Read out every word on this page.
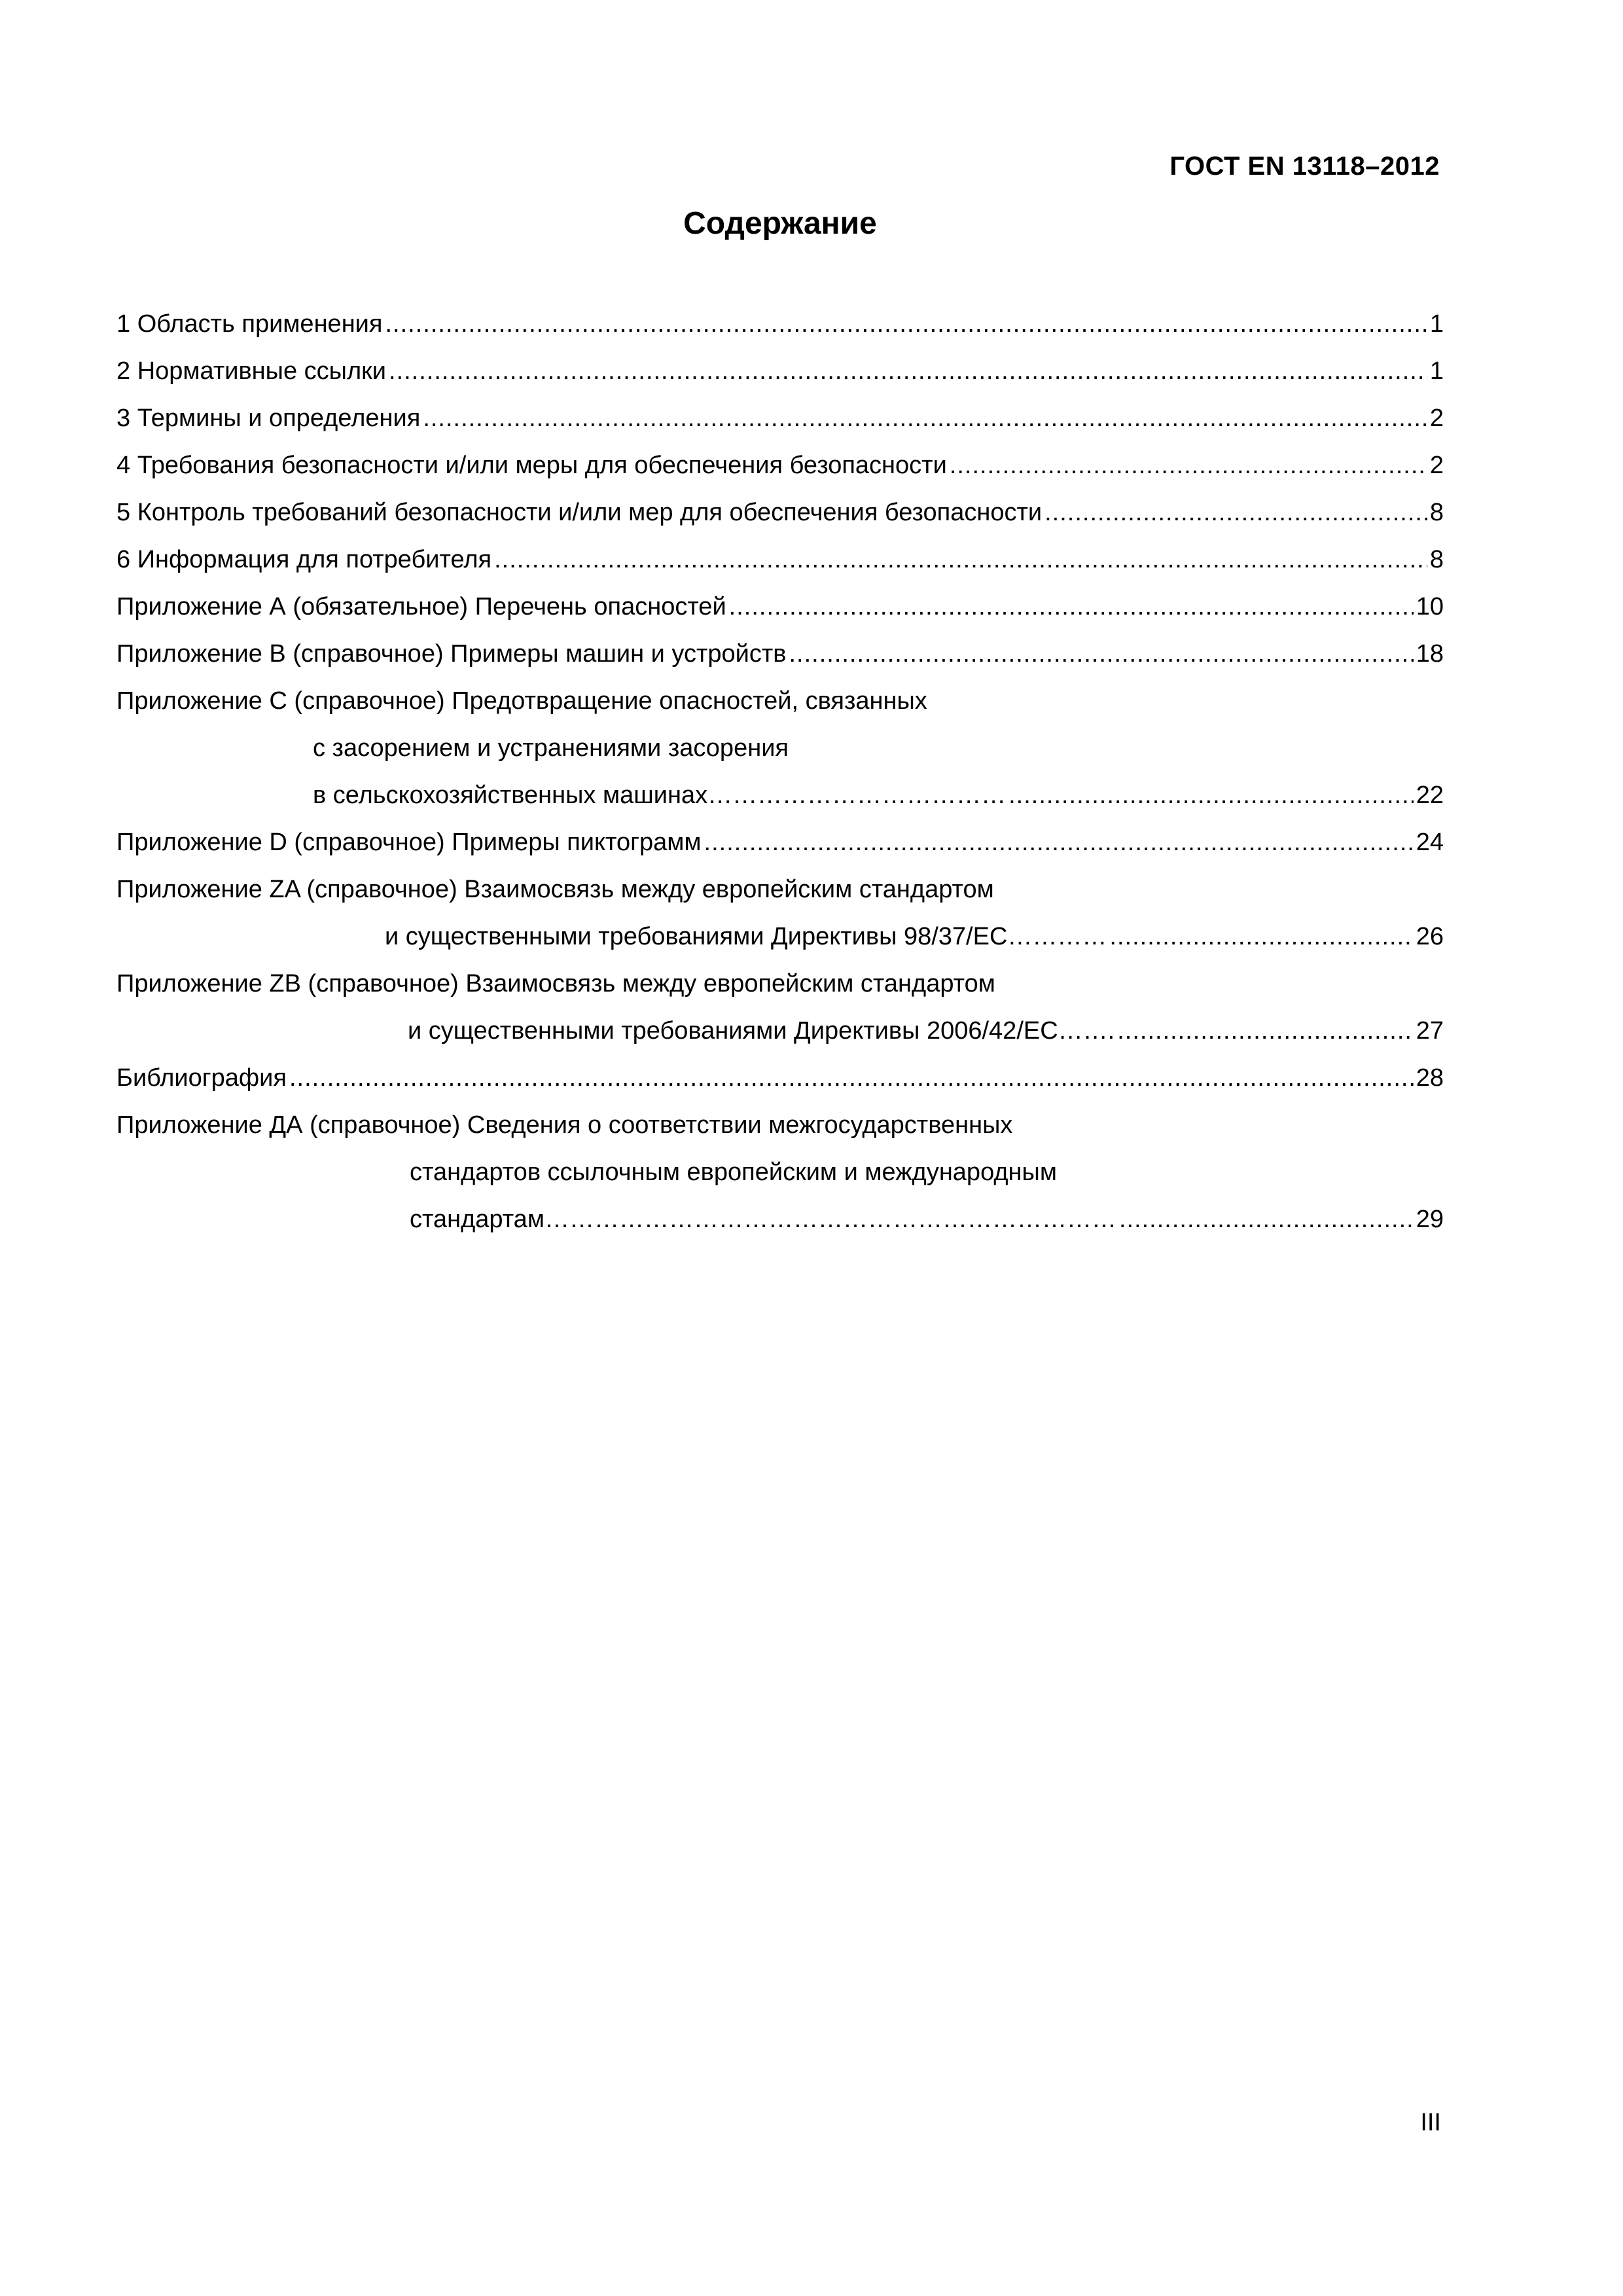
ГОСТ EN 13118–2012
Содержание
1 Область применения .....	1
2 Нормативные ссылки .....	1
3 Термины и определения .....	2
4 Требования безопасности и/или меры для обеспечения безопасности .....	2
5 Контроль требований безопасности и/или мер для обеспечения безопасности .....	8
6 Информация для потребителя .....	8
Приложение А (обязательное) Перечень опасностей .....	10
Приложение В (справочное) Примеры машин и устройств .....	18
Приложение С (справочное) Предотвращение опасностей, связанных
с засорением и устранениями засорения
в сельскохозяйственных машинах……………………………… .....	22
Приложение D (справочное) Примеры пиктограмм .....	24
Приложение ZA (справочное) Взаимосвязь между европейским стандартом
и существенными требованиями Директивы 98/37/ЕС………… .....	26
Приложение ZB (справочное) Взаимосвязь между европейским стандартом
и существенными требованиями Директивы 2006/42/ЕС……. .....	27
Библиография .....	28
Приложение ДА (справочное) Сведения о соответствии межгосударственных
стандартов ссылочным европейским и международным
стандартам…………………………………………………………… .....	29
III
